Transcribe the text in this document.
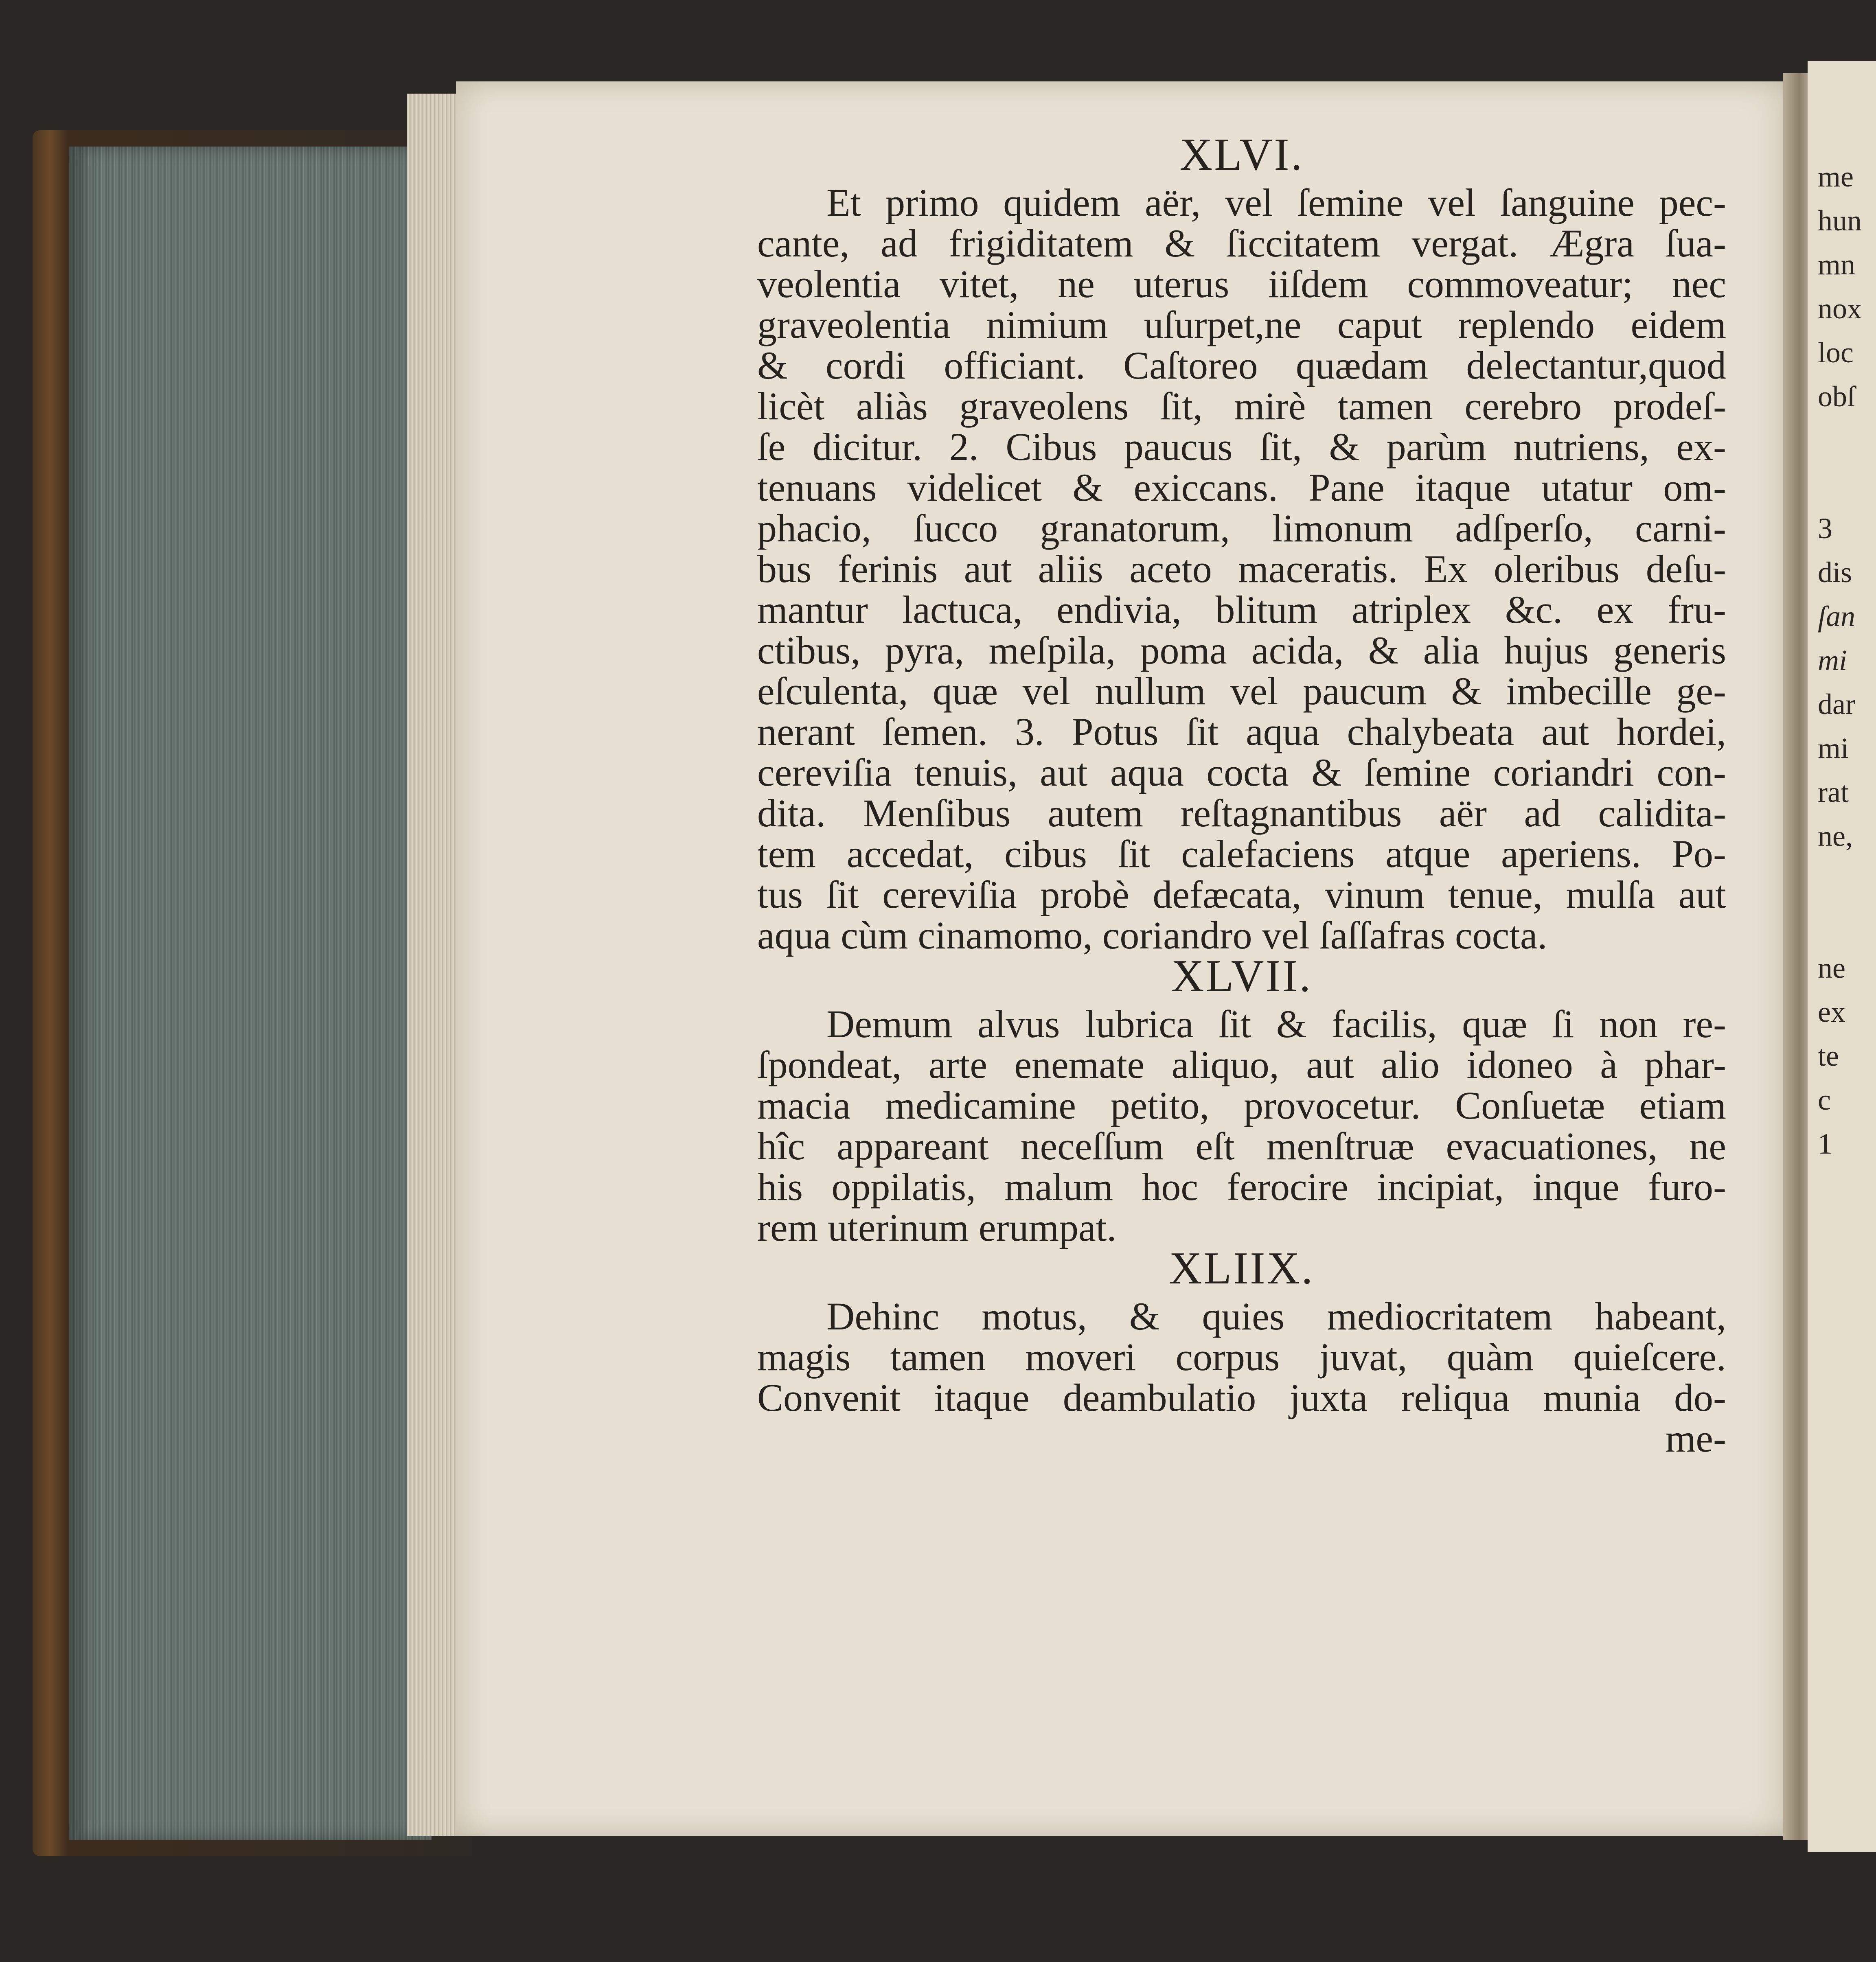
XLVI.

Et primo quidem aër, vel ſemine vel ſanguine pec-

cante, ad frigiditatem & ſiccitatem vergat. Ægra ſua-

veolentia vitet, ne uterus iiſdem commoveatur; nec

graveolentia nimium uſurpet,ne caput replendo eidem

& cordi officiant. Caſtoreo quædam delectantur,quod

licèt aliàs graveolens ſit, mirè tamen cerebro prodeſ-

ſe dicitur. 2. Cibus paucus ſit, & parùm nutriens, ex-

tenuans videlicet & exiccans. Pane itaque utatur om-

phacio, ſucco granatorum, limonum adſperſo, carni-

bus ferinis aut aliis aceto maceratis. Ex oleribus deſu-

mantur lactuca, endivia, blitum atriplex &c. ex fru-

ctibus, pyra, meſpila, poma acida, & alia hujus generis

eſculenta, quæ vel nullum vel paucum & imbecille ge-

nerant ſemen. 3. Potus ſit aqua chalybeata aut hordei,

cereviſia tenuis, aut aqua cocta & ſemine coriandri con-

dita. Menſibus autem reſtagnantibus aër ad calidita-

tem accedat, cibus ſit calefaciens atque aperiens. Po-

tus ſit cereviſia probè defæcata, vinum tenue, mulſa aut

aqua cùm cinamomo, coriandro vel ſaſſafras cocta.

XLVII.

Demum alvus lubrica ſit & facilis, quæ ſi non re-

ſpondeat, arte enemate aliquo, aut alio idoneo à phar-

macia medicamine petito, provocetur. Conſuetæ etiam

hîc appareant neceſſum eſt menſtruæ evacuationes, ne

his oppilatis, malum hoc ferocire incipiat, inque furo-

rem uterinum erumpat.

XLIIX.

Dehinc motus, & quies mediocritatem habeant,

magis tamen moveri corpus juvat, quàm quieſcere.

Convenit itaque deambulatio juxta reliqua munia do-

me-

me

hun

mn

nox

loc

obſ

3

dis

ſan

mi

dar

mi

rat

ne,

ne

ex

te

c

1
